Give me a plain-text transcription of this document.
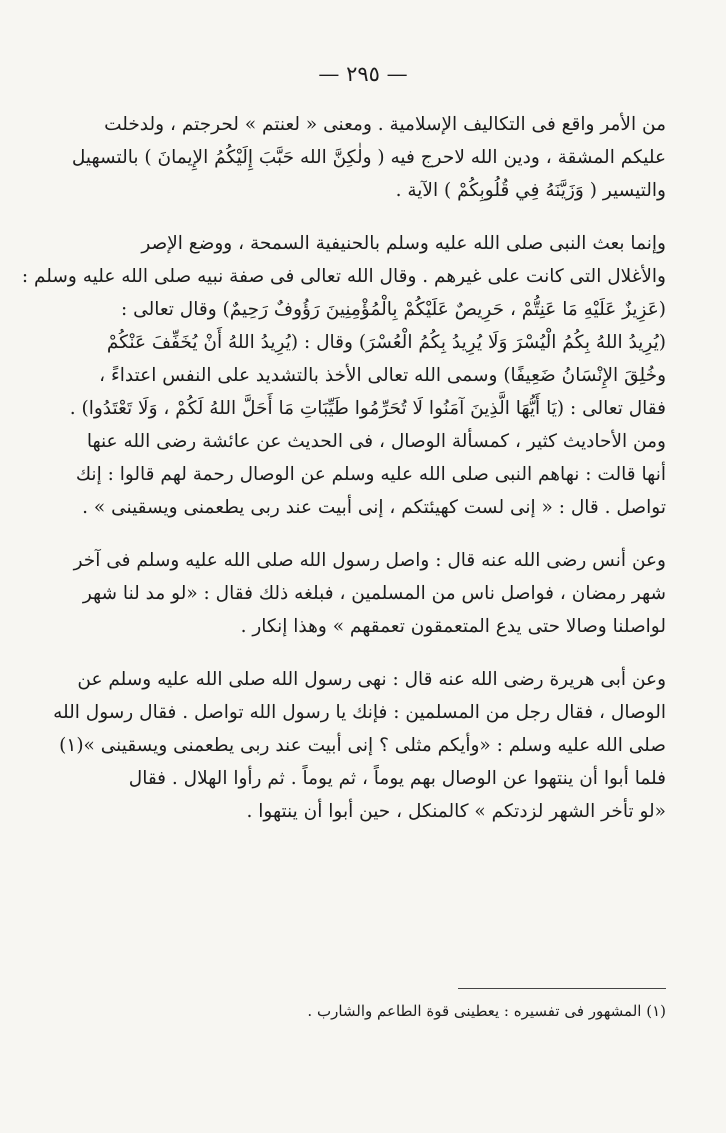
— ٢٩٥ —
من الأمر واقع فى التكاليف الإسلامية . ومعنى « لعنتم » لحرجتم ، ولدخلت
عليكم المشقة ، ودين الله لاحرج فيه ( ولٰكِنَّ الله حَبَّبَ إِلَيْكُمُ الإِيمانَ ) بالتسهيل
والتيسير ( وَزَيَّنَهُ فِي قُلُوبِكُمْ ) الآية .
وإنما بعث النبى صلى الله عليه وسلم بالحنيفية السمحة ، ووضع الإصر
والأغلال التى كانت على غيرهم . وقال الله تعالى فى صفة نبيه صلى الله عليه وسلم :
(عَزِيزٌ عَلَيْهِ مَا عَنِتُّمْ ، حَرِيصٌ عَلَيْكُمْ بِالْمُؤْمِنِينَ رَؤُوفٌ رَحِيمٌ) وقال تعالى :
(يُرِيدُ اللهُ بِكُمُ الْيُسْرَ وَلَا يُرِيدُ بِكُمُ الْعُسْرَ) وقال : (يُرِيدُ اللهُ أَنْ يُخَفِّفَ عَنْكُمْ
وخُلِقَ الإِنْسَانُ ضَعِيفًا) وسمى الله تعالى الأخذ بالتشديد على النفس اعتداءً ،
فقال تعالى : (يَا أَيُّهَا الَّذِينَ آمَنُوا لَا تُحَرِّمُوا طَيِّبَاتِ مَا أَحَلَّ اللهُ لَكُمْ ، وَلَا تَعْتَدُوا) .
ومن الأحاديث كثير ، كمسألة الوصال ، فى الحديث عن عائشة رضى الله عنها
أنها قالت : نهاهم النبى صلى الله عليه وسلم عن الوصال رحمة لهم قالوا : إنك
تواصل . قال : « إنى لست كهيئتكم ، إنى أبيت عند ربى يطعمنى ويسقينى » .
وعن أنس رضى الله عنه قال : واصل رسول الله صلى الله عليه وسلم فى آخر
شهر رمضان ، فواصل ناس من المسلمين ، فبلغه ذلك فقال : «لو مد لنا شهر
لواصلنا وصالا حتى يدع المتعمقون تعمقهم » وهذا إنكار .
وعن أبى هريرة رضى الله عنه قال : نهى رسول الله صلى الله عليه وسلم عن
الوصال ، فقال رجل من المسلمين : فإنك يا رسول الله تواصل . فقال رسول الله
صلى الله عليه وسلم : «وأيكم مثلى ؟ إنى أبيت عند ربى يطعمنى ويسقينى »(١)
فلما أبوا أن ينتهوا عن الوصال بهم يوماً ، ثم يوماً . ثم رأوا الهلال . فقال
«لو تأخر الشهر لزدتكم » كالمنكل ، حين أبوا أن ينتهوا .
(١) المشهور فى تفسيره : يعطينى قوة الطاعم والشارب .
